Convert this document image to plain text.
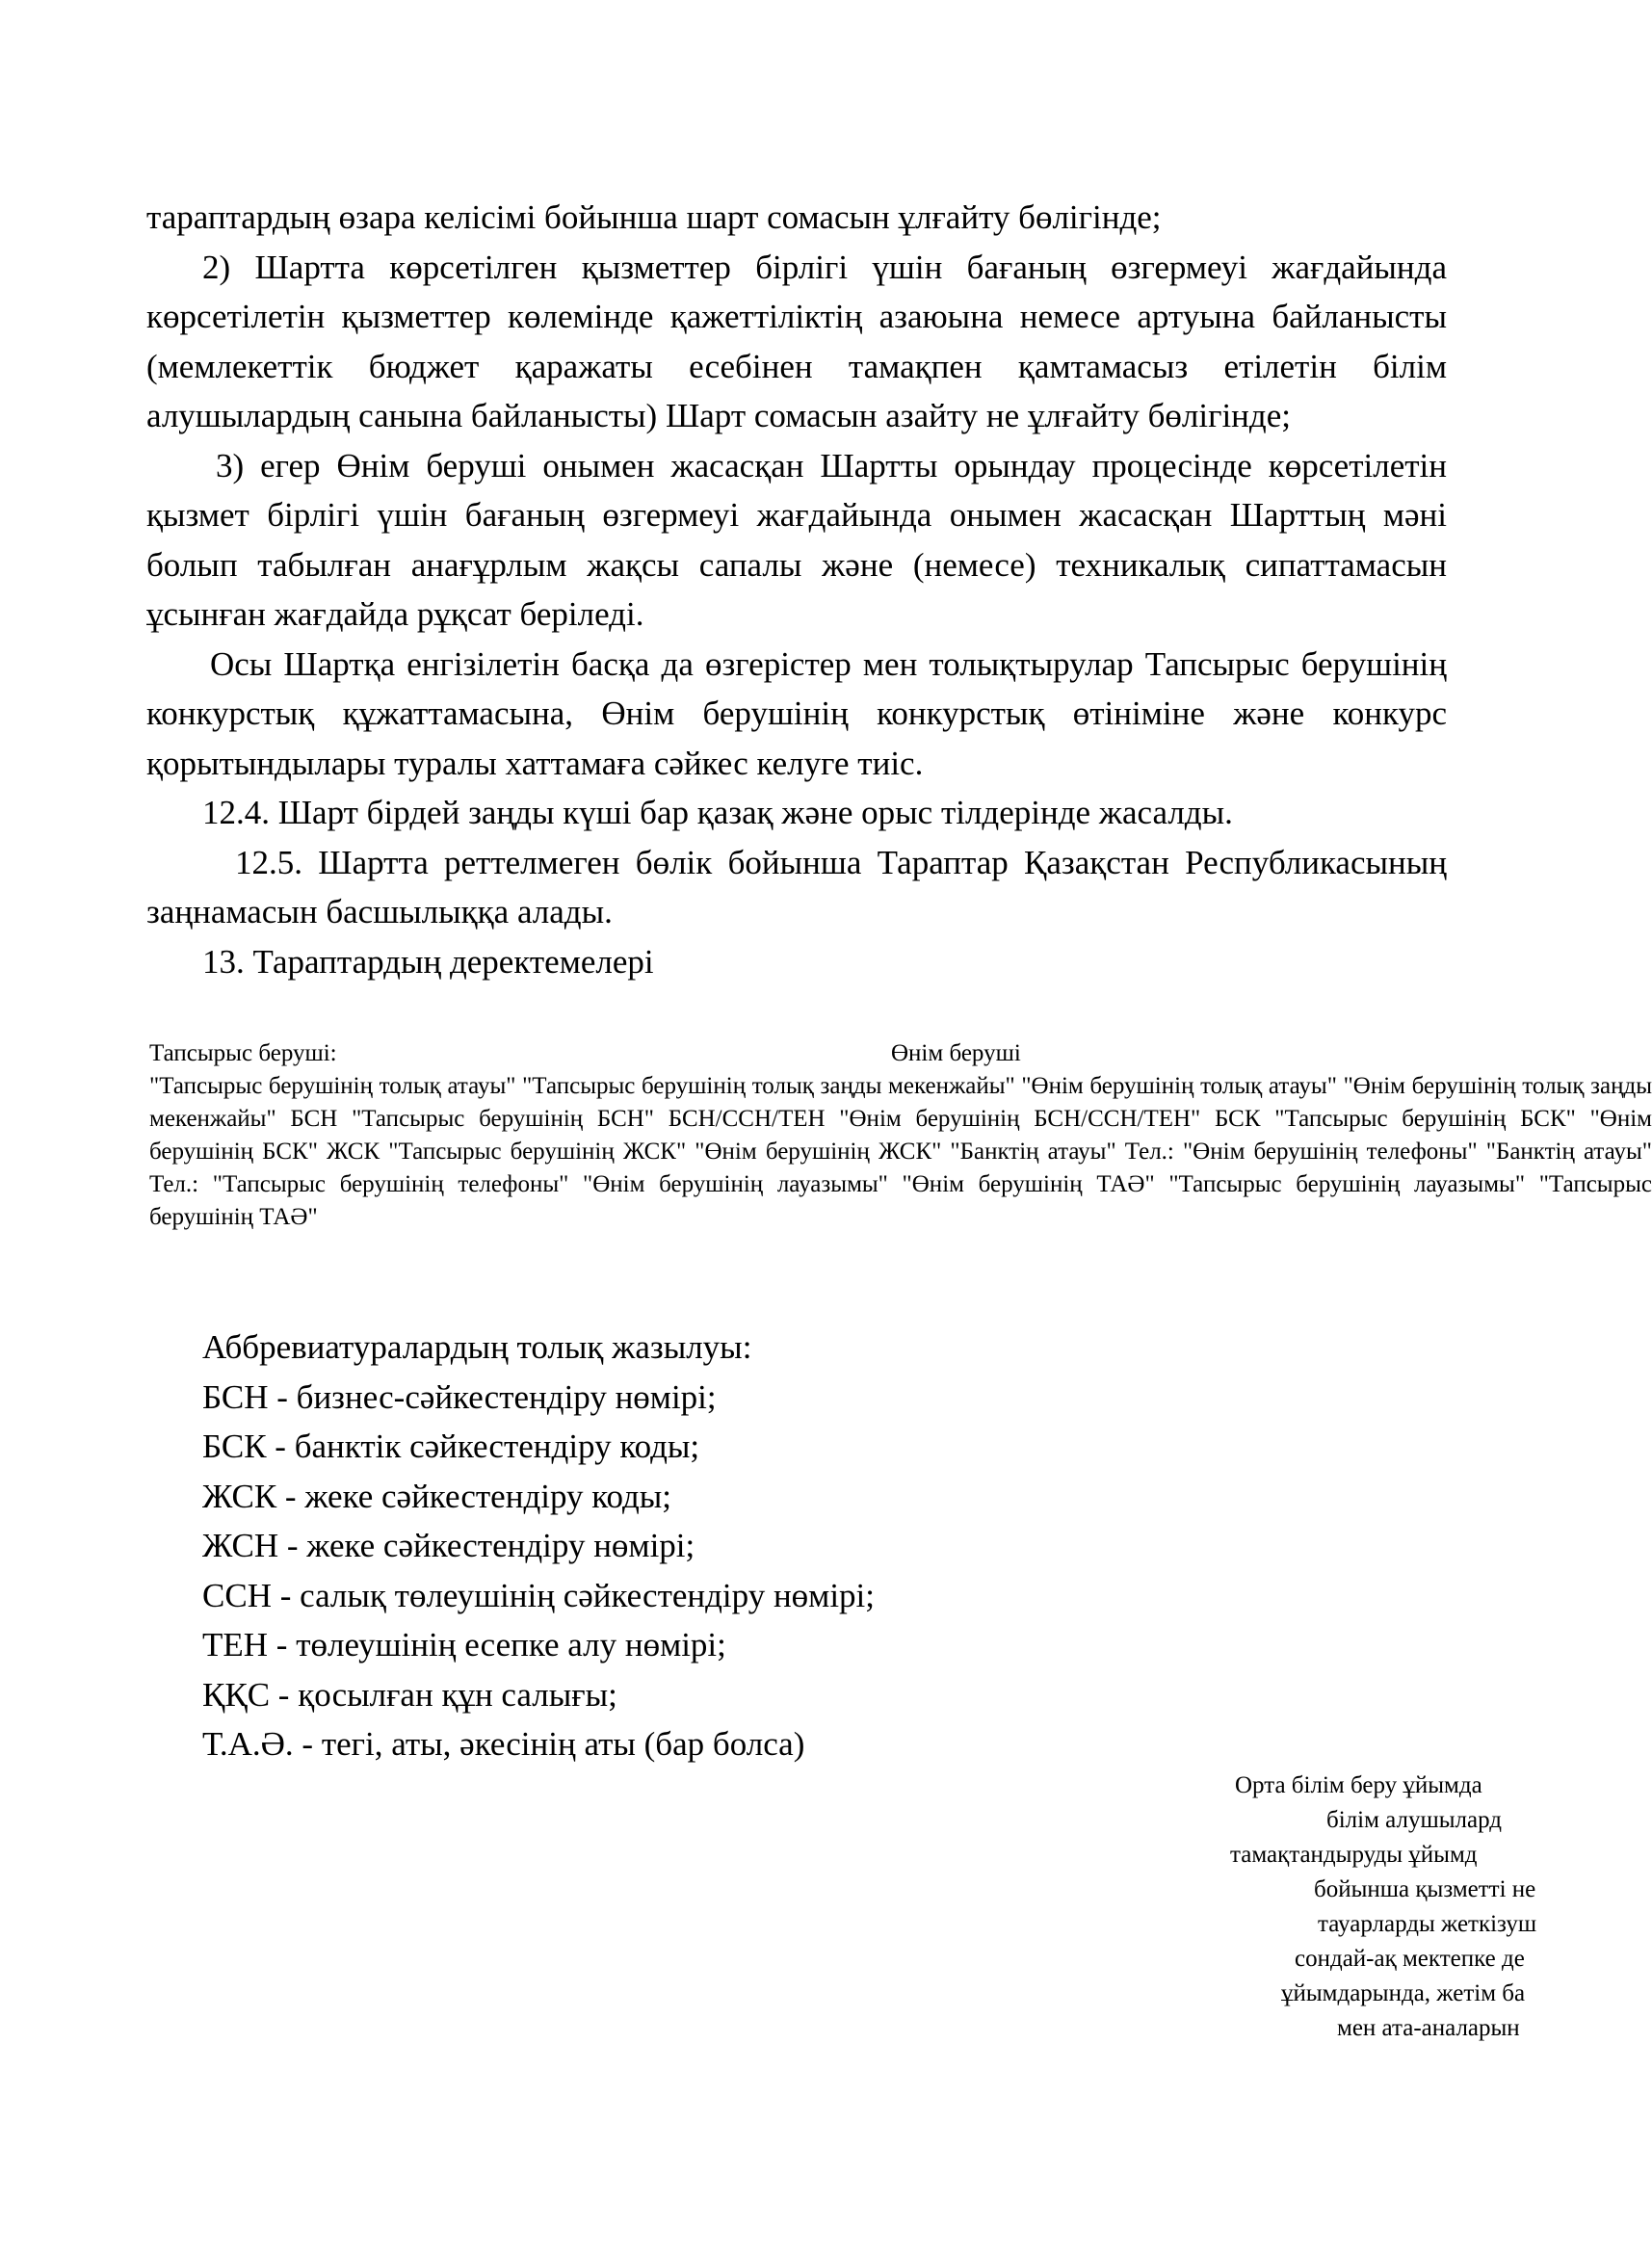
тараптардың өзара келісімі бойынша шарт сомасын ұлғайту бөлігінде;

2) Шартта көрсетілген қызметтер бірлігі үшін бағаның өзгермеуі жағдайында көрсетілетін қызметтер көлемінде қажеттіліктің азаюына немесе артуына байланысты (мемлекеттік бюджет қаражаты есебінен тамақпен қамтамасыз етілетін білім алушылардың санына байланысты) Шарт сомасын азайту не ұлғайту бөлігінде;

3) егер Өнім беруші онымен жасасқан Шартты орындау процесінде көрсетілетін қызмет бірлігі үшін бағаның өзгермеуі жағдайында онымен жасасқан Шарттың мәні болып табылған анағұрлым жақсы сапалы және (немесе) техникалық сипаттамасын ұсынған жағдайда рұқсат беріледі.

Осы Шартқа енгізілетін басқа да өзгерістер мен толықтырулар Тапсырыс берушінің конкурстық құжаттамасына, Өнім берушінің конкурстық өтініміне және конкурс қорытындылары туралы хаттамаға сәйкес келуге тиіс.

12.4. Шарт бірдей заңды күші бар қазақ және орыс тілдерінде жасалды.

12.5. Шартта реттелмеген бөлік бойынша Тараптар Қазақстан Республикасының заңнамасын басшылыққа алады.

13. Тараптардың деректемелері

Тапсырыс беруші:	Өнім беруші
"Тапсырыс берушінің толық атауы" "Тапсырыс берушінің толық заңды мекенжайы" "Өнім берушінің толық атауы" "Өнім берушінің толық заңды мекенжайы" БСН "Тапсырыс берушінің БСН" БСН/ССН/ТЕН "Өнім берушінің БСН/ССН/ТЕН" БСК "Тапсырыс берушінің БСК" "Өнім берушінің БСК" ЖСК "Тапсырыс берушінің ЖСК" "Өнім берушінің ЖСК" "Банктің атауы" Тел.: "Өнім берушінің телефоны" "Банктің атауы" Тел.: "Тапсырыс берушінің телефоны" "Өнім берушінің лауазымы" "Өнім берушінің ТАӘ" "Тапсырыс берушінің лауазымы" "Тапсырыс берушінің ТАӘ"
Аббревиатуралардың толық жазылуы:
БСН - бизнес-сәйкестендіру нөмірі;
БСК - банктік сәйкестендіру коды;
ЖСК - жеке сәйкестендіру коды;
ЖСН - жеке сәйкестендіру нөмірі;
ССН - салық төлеушінің сәйкестендіру нөмірі;
ТЕН - төлеушінің есепке алу нөмірі;
ҚҚС - қосылған құн салығы;
Т.А.Ә. - тегі, аты, әкесінің аты (бар болса)
Орта білім беру ұйымда
білім алушылард
тамақтандыруды ұйымд
бойынша қызметті не
тауарларды жеткізуш
сондай-ақ мектепке де
ұйымдарында, жетім ба
мен ата-аналарын
